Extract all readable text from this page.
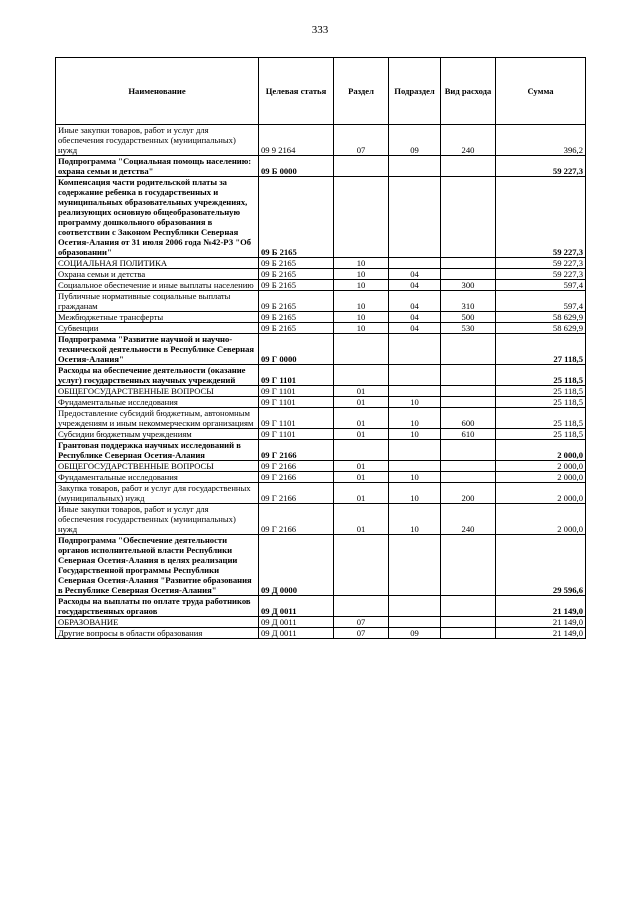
333
Наименование	Целевая статья	Раздел	Подраздел	Вид расхода	Сумма
Иные закупки товаров, работ и услуг для обеспечения государственных (муниципальных) нужд	09 9 2164	07	09	240	396,2
Подпрограмма "Социальная помощь населению: охрана семьи и детства"	09 Б 0000				59 227,3
Компенсация части родительской платы за содержание ребенка в государственных и муниципальных образовательных учреждениях, реализующих основную общеобразовательную программу дошкольного образования в соответствии с Законом Республики Северная Осетия-Алания от 31 июля 2006 года №42-РЗ "Об образовании"	09 Б 2165				59 227,3
СОЦИАЛЬНАЯ ПОЛИТИКА	09 Б 2165	10			59 227,3
Охрана семьи и детства	09 Б 2165	10	04		59 227,3
Социальное обеспечение и иные выплаты населению	09 Б 2165	10	04	300	597,4
Публичные нормативные социальные выплаты гражданам	09 Б 2165	10	04	310	597,4
Межбюджетные трансферты	09 Б 2165	10	04	500	58 629,9
Субвенции	09 Б 2165	10	04	530	58 629,9
Подпрограмма "Развитие научной и научно-технической деятельности в Республике Северная Осетия-Алания"	09 Г 0000				27 118,5
Расходы на обеспечение деятельности (оказание услуг) государственных научных учреждений	09 Г 1101				25 118,5
ОБЩЕГОСУДАРСТВЕННЫЕ ВОПРОСЫ	09 Г 1101	01			25 118,5
Фундаментальные исследования	09 Г 1101	01	10		25 118,5
Предоставление субсидий бюджетным, автономным учреждениям и иным некоммерческим организациям	09 Г 1101	01	10	600	25 118,5
Субсидии бюджетным учреждениям	09 Г 1101	01	10	610	25 118,5
Грантовая поддержка научных исследований в Республике Северная Осетия-Алания	09 Г 2166				2 000,0
ОБЩЕГОСУДАРСТВЕННЫЕ ВОПРОСЫ	09 Г 2166	01			2 000,0
Фундаментальные исследования	09 Г 2166	01	10		2 000,0
Закупка товаров, работ и услуг для государственных (муниципальных) нужд	09 Г 2166	01	10	200	2 000,0
Иные закупки товаров, работ и услуг для обеспечения государственных (муниципальных) нужд	09 Г 2166	01	10	240	2 000,0
Подпрограмма "Обеспечение деятельности органов исполнительной власти Республики Северная Осетия-Алания в целях реализации Государственной программы Республики Северная Осетия-Алания "Развитие образования в Республике Северная Осетия-Алания"	09 Д 0000				29 596,6
Расходы на выплаты по оплате труда работников государственных органов	09 Д 0011				21 149,0
ОБРАЗОВАНИЕ	09 Д 0011	07			21 149,0
Другие вопросы в области образования	09 Д 0011	07	09		21 149,0
